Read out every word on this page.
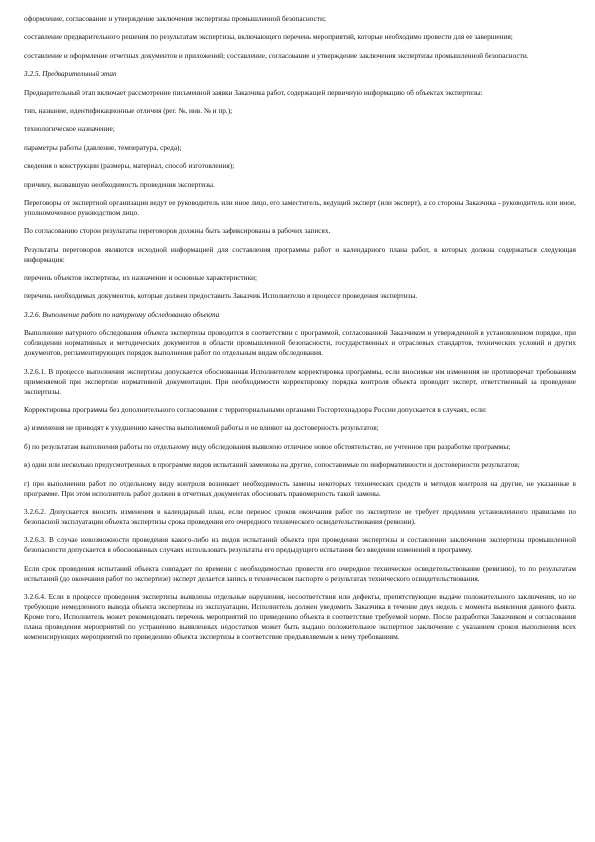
оформление, согласование и утверждение заключения экспертизы промышленной безопасности;

составление предварительного решения по результатам экспертизы, включающего перечень мероприятий, которые необходимо провести для ее завершения;

составление и оформление отчетных документов и приложений; составление, согласование и утверждение заключения экспертизы промышленной безопасности.

3.2.5. Предварительный этап

Предварительный этап включает рассмотрение письменной заявки Заказчика работ, содержащей первичную информацию об объектах экспертизы:

тип, название, идентификационные отличия (рег. №, инв. № и пр.);

технологическое назначение;

параметры работы (давление, температура, среда);

сведения о конструкции (размеры, материал, способ изготовления);

причину, вызвавшую необходимость проведения экспертизы.

Переговоры от экспертной организации ведут ее руководитель или иное лицо, его заместитель, ведущий эксперт (или эксперт), а со стороны Заказчика - руководитель или иное, уполномоченное руководством лицо.

По согласованию сторон результаты переговоров должны быть зафиксированы в рабочих записях.

Результаты переговоров являются исходной информацией для составления программы работ и календарного плана работ, в которых должна содержаться следующая информация:

перечень объектов экспертизы, их назначение и основные характеристики;

перечень необходимых документов, которые должен предоставить Заказчик Исполнителю в процессе проведения экспертизы.

3.2.6. Выполнение работ по натурному обследованию объекта

Выполнение натурного обследования объекта экспертизы проводится в соответствии с программой, согласованной Заказчиком и утвержденной в установленном порядке, при соблюдении нормативных и методических документов в области промышленной безопасности, государственных и отраслевых стандартов, технических условий и других документов, регламентирующих порядок выполнения работ по отдельным видам обследования.

3.2.6.1. В процессе выполнения экспертизы допускается обоснованная Исполнителем корректировка программы, если вносимые им изменения не противоречат требованиям применяемой при экспертизе нормативной документации. При необходимости корректировку порядка контроля объекта проводит эксперт, ответственный за проведение экспертизы.

Корректировка программы без дополнительного согласования с территориальными органами Госгортехнадзора России допускается в случаях, если:

а) изменения не приводят к ухудшению качества выполняемой работы и не влияют на достоверность результатов;

б) по результатам выполнения работы по отдельному виду обследования выявлено отличное новое обстоятельство, не учтенное при разработке программы;

в) один или несколько предусмотренных в программе видов испытаний заменены на другие, сопоставимые по информативности и достоверности результатов;

г) при выполнении работ по отдельному виду контроля возникает необходимость замены некоторых технических средств и методов контроля на другие, не указанные в программе. При этом исполнитель работ должен в отчетных документах обосновать правомерность такой замены.

3.2.6.2. Допускается вносить изменения в календарный план, если перенос сроков окончания работ по экспертизе не требует продления установленного правилами по безопасной эксплуатации объекта экспертизы срока проведения его очередного технического освидетельствования (ревизии).

3.2.6.3. В случае невозможности проведения какого-либо из видов испытаний объекта при проведении экспертизы и составлении заключения экспертизы промышленной безопасности допускается в обоснованных случаях использовать результаты его предыдущего испытания без введения изменений в программу.

Если срок проведения испытаний объекта совпадает по времени с необходимостью провести его очередное техническое освидетельствование (ревизию), то по результатам испытаний (до окончания работ по экспертизе) эксперт делается запись в техническом паспорте о результатах технического освидетельствования.

3.2.6.4. Если в процессе проведения экспертизы выявлены отдельные нарушения, несоответствия или дефекты, препятствующие выдаче положительного заключения, но не требующие немедленного вывода объекта экспертизы из эксплуатации, Исполнитель должен уведомить Заказчика в течение двух недель с момента выявления данного факта. Кроме того, Исполнитель может рекомендовать перечень мероприятий по приведению объекта в соответствие требуемой норме. После разработки Заказчиком и согласования плана проведения мероприятий по устранению выявленных недостатков может быть выдано положительное экспертное заключение с указанием сроков выполнения всех компенсирующих мероприятий по приведению объекта экспертизы в соответствие предъявляемым к нему требованиям.
